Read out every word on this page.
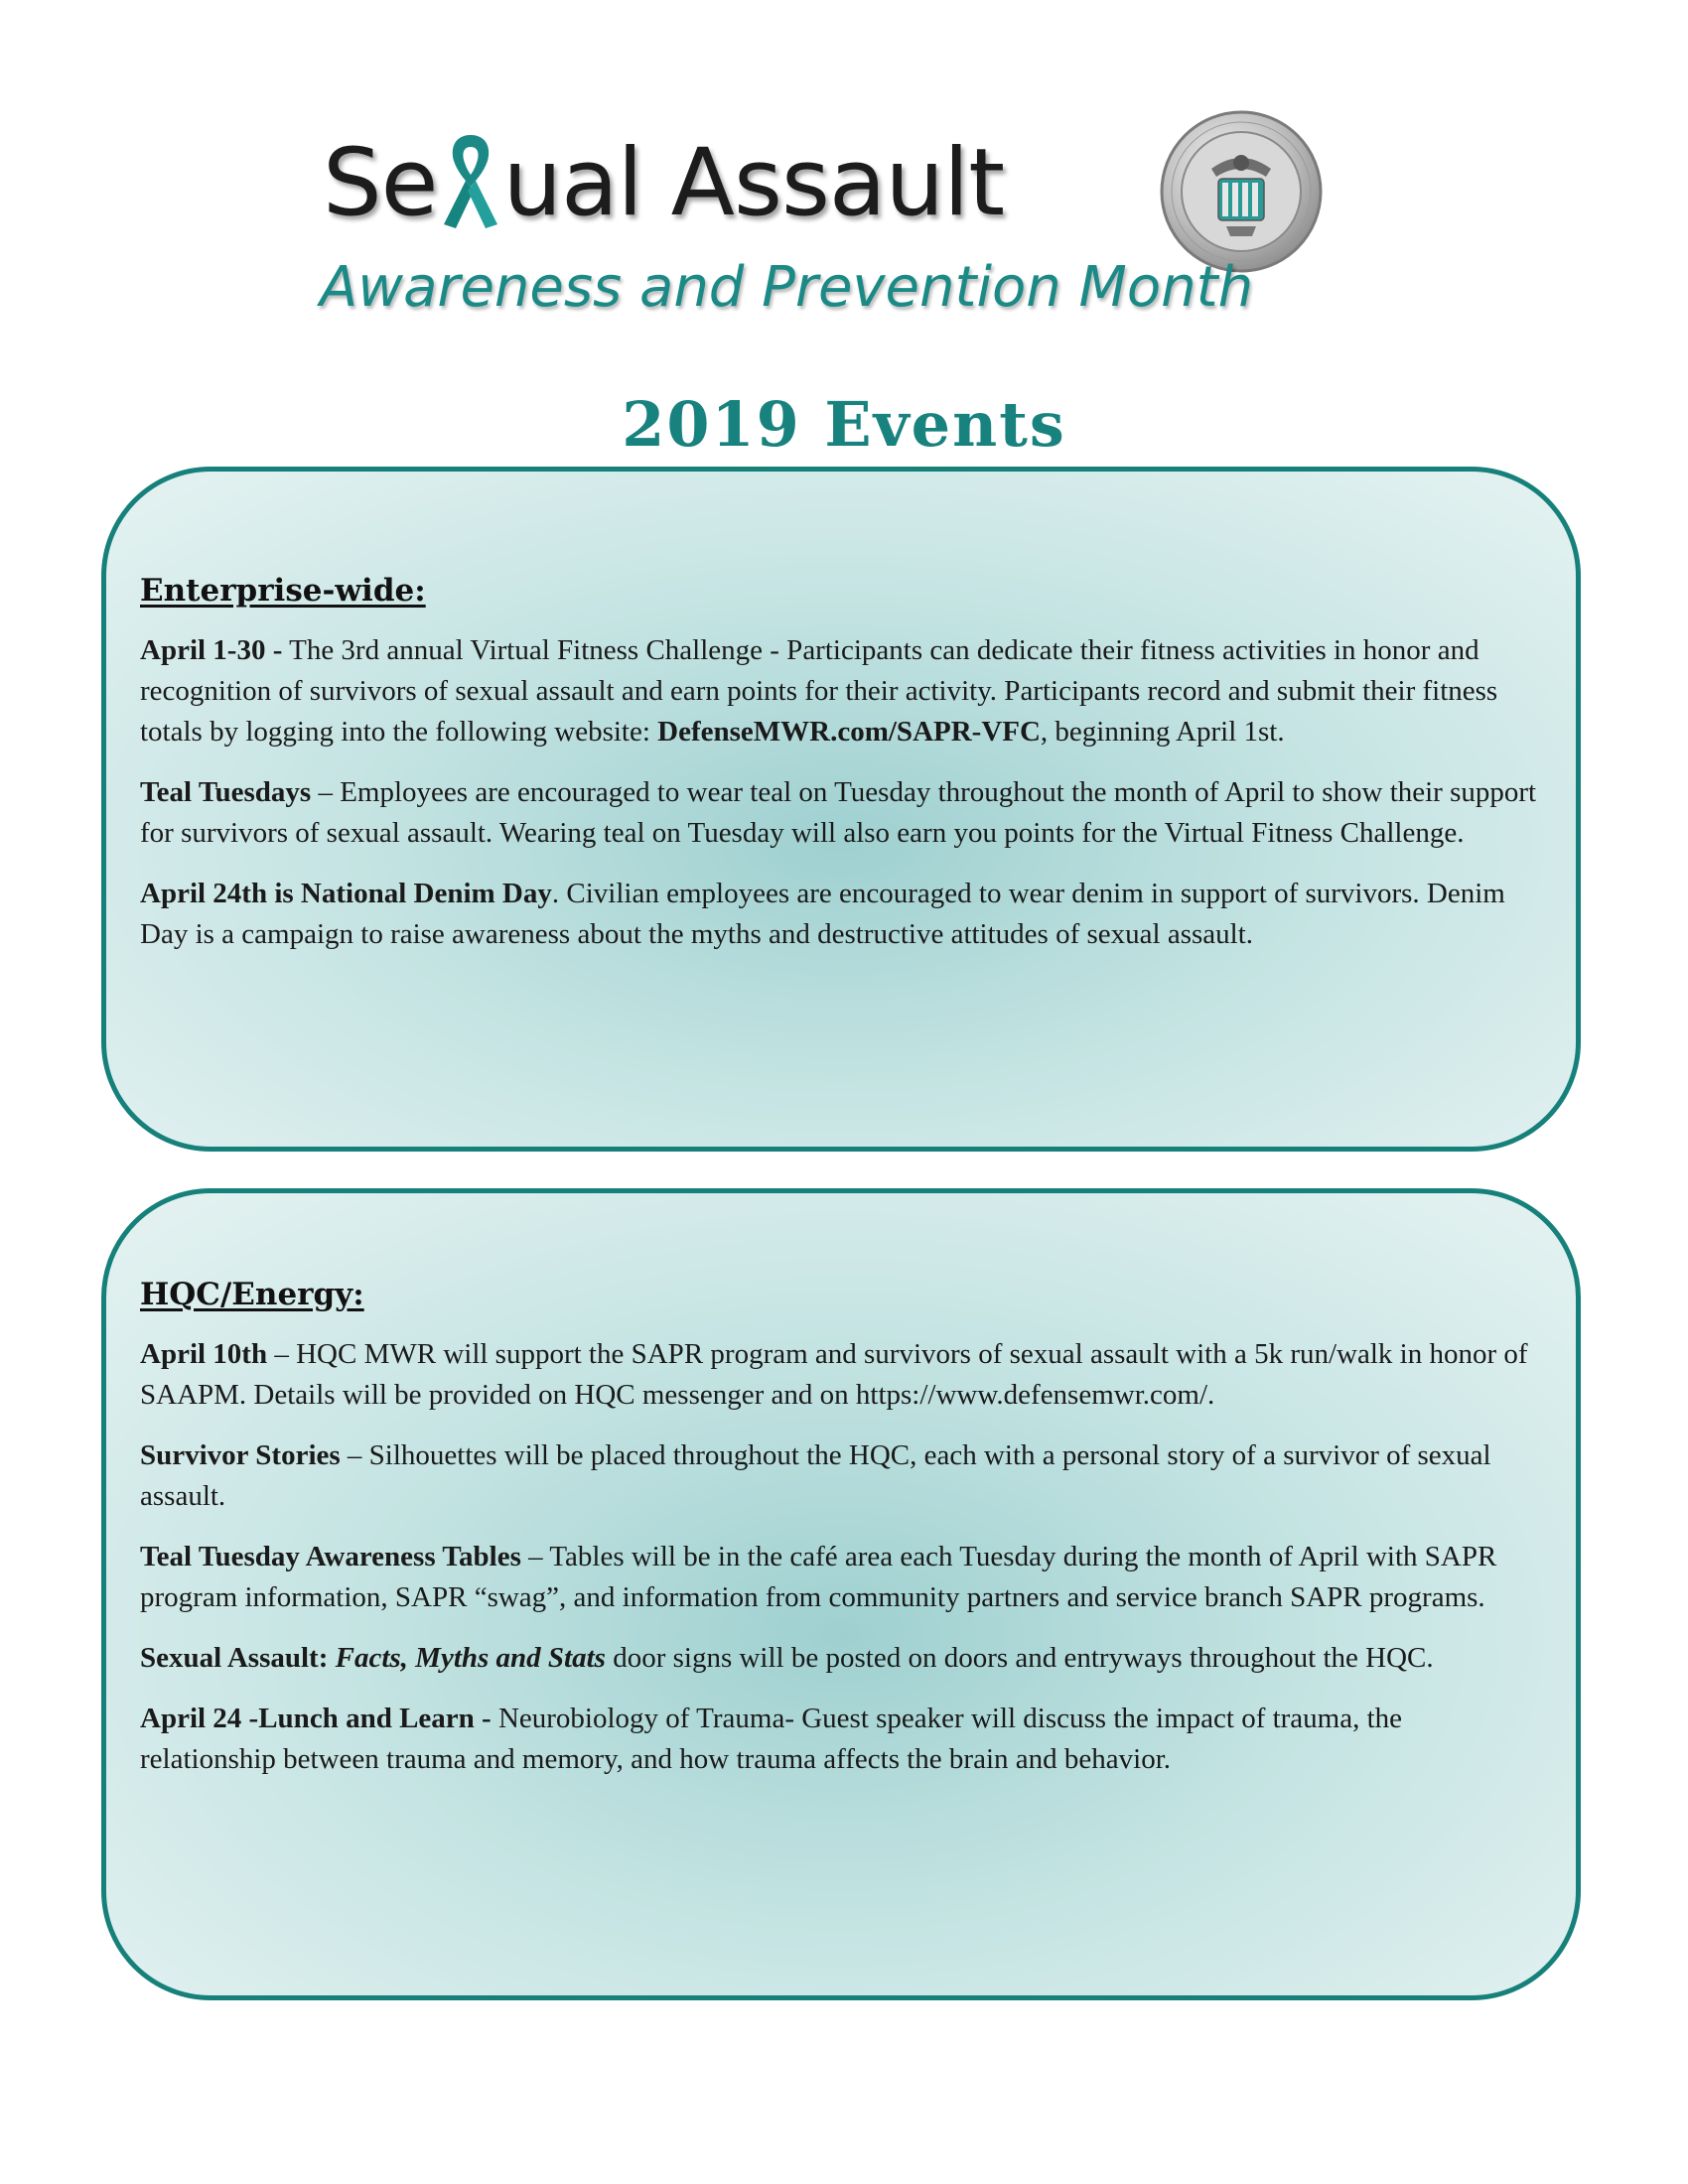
Se ual Assault
Awareness and Prevention Month
2019 Events
Enterprise-wide:

April 1-30 - The 3rd annual Virtual Fitness Challenge - Participants can dedicate their fitness activities in honor and recognition of survivors of sexual assault and earn points for their activity. Participants record and submit their fitness totals by logging into the following website: DefenseMWR.com/SAPR-VFC, beginning April 1st.

Teal Tuesdays – Employees are encouraged to wear teal on Tuesday throughout the month of April to show their support for survivors of sexual assault. Wearing teal on Tuesday will also earn you points for the Virtual Fitness Challenge.

April 24th is National Denim Day. Civilian employees are encouraged to wear denim in support of survivors. Denim Day is a campaign to raise awareness about the myths and destructive attitudes of sexual assault.

HQC/Energy:

April 10th – HQC MWR will support the SAPR program and survivors of sexual assault with a 5k run/walk in honor of SAAPM. Details will be provided on HQC messenger and on https://www.defensemwr.com/.

Survivor Stories – Silhouettes will be placed throughout the HQC, each with a personal story of a survivor of sexual assault.

Teal Tuesday Awareness Tables – Tables will be in the café area each Tuesday during the month of April with SAPR program information, SAPR “swag”, and information from community partners and service branch SAPR programs.

Sexual Assault: Facts, Myths and Stats door signs will be posted on doors and entryways throughout the HQC.

April 24 -Lunch and Learn - Neurobiology of Trauma- Guest speaker will discuss the impact of trauma, the relationship between trauma and memory, and how trauma affects the brain and behavior.
